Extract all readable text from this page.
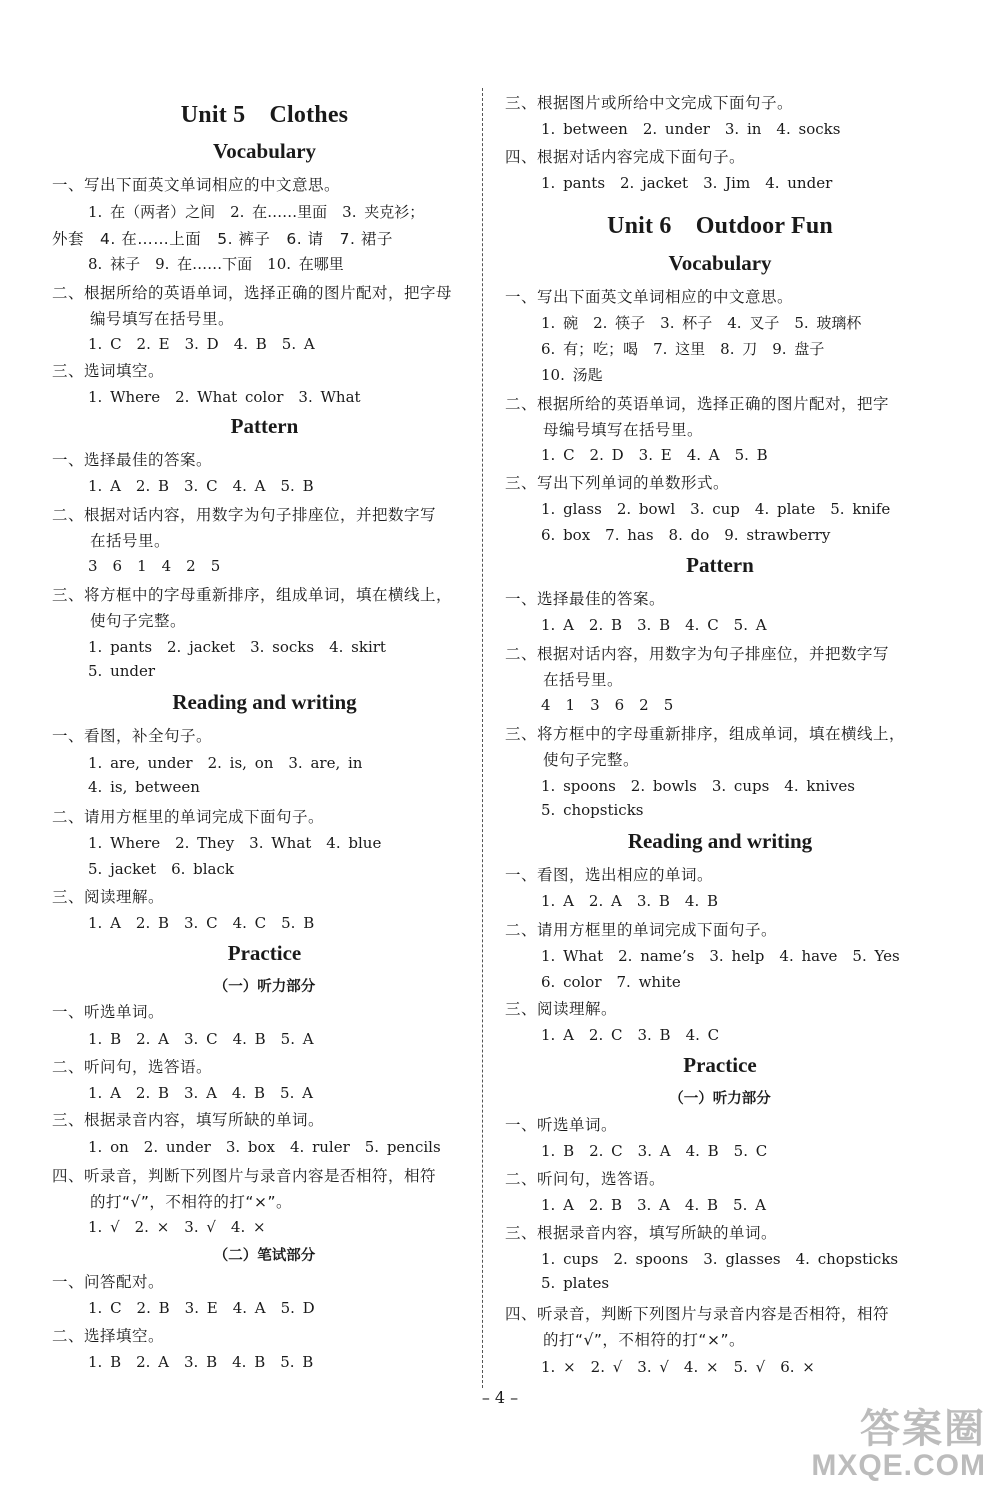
Unit 5　Clothes
Vocabulary
一、写出下面英文单词相应的中文意思。
1. 在（两者）之间　2. 在……里面　3. 夹克衫；
外套　4. 在……上面　5. 裤子　6. 请　7. 裙子
8. 袜子　9. 在……下面　10. 在哪里
二、根据所给的英语单词，选择正确的图片配对，把字母
编号填写在括号里。
1. C　2. E　3. D　4. B　5. A
三、选词填空。
1. Where　2. What color　3. What
Pattern
一、选择最佳的答案。
1. A　2. B　3. C　4. A　5. B
二、根据对话内容，用数字为句子排座位，并把数字写
在括号里。
3　6　1　4　2　5
三、将方框中的字母重新排序，组成单词，填在横线上，
使句子完整。
1. pants　2. jacket　3. socks　4. skirt
5. under
Reading and writing
一、看图，补全句子。
1. are, under　2. is, on　3. are, in
4. is, between
二、请用方框里的单词完成下面句子。
1. Where　2. They　3. What　4. blue
5. jacket　6. black
三、阅读理解。
1. A　2. B　3. C　4. C　5. B
Practice
（一）听力部分
一、听选单词。
1. B　2. A　3. C　4. B　5. A
二、听问句，选答语。
1. A　2. B　3. A　4. B　5. A
三、根据录音内容，填写所缺的单词。
1. on　2. under　3. box　4. ruler　5. pencils
四、听录音，判断下列图片与录音内容是否相符，相符
的打“√”，不相符的打“×”。
1. √　2. ×　3. √　4. ×
（二）笔试部分
一、问答配对。
1. C　2. B　3. E　4. A　5. D
二、选择填空。
1. B　2. A　3. B　4. B　5. B
三、根据图片或所给中文完成下面句子。
1. between　2. under　3. in　4. socks
四、根据对话内容完成下面句子。
1. pants　2. jacket　3. Jim　4. under
Unit 6　Outdoor Fun
Vocabulary
一、写出下面英文单词相应的中文意思。
1. 碗　2. 筷子　3. 杯子　4. 叉子　5. 玻璃杯
6. 有；吃；喝　7. 这里　8. 刀　9. 盘子
10. 汤匙
二、根据所给的英语单词，选择正确的图片配对，把字
母编号填写在括号里。
1. C　2. D　3. E　4. A　5. B
三、写出下列单词的单数形式。
1. glass　2. bowl　3. cup　4. plate　5. knife
6. box　7. has　8. do　9. strawberry
Pattern
一、选择最佳的答案。
1. A　2. B　3. B　4. C　5. A
二、根据对话内容，用数字为句子排座位，并把数字写
在括号里。
4　1　3　6　2　5
三、将方框中的字母重新排序，组成单词，填在横线上，
使句子完整。
1. spoons　2. bowls　3. cups　4. knives
5. chopsticks
Reading and writing
一、看图，选出相应的单词。
1. A　2. A　3. B　4. B
二、请用方框里的单词完成下面句子。
1. What　2. name’s　3. help　4. have　5. Yes
6. color　7. white
三、阅读理解。
1. A　2. C　3. B　4. C
Practice
（一）听力部分
一、听选单词。
1. B　2. C　3. A　4. B　5. C
二、听问句，选答语。
1. A　2. B　3. A　4. B　5. A
三、根据录音内容，填写所缺的单词。
1. cups　2. spoons　3. glasses　4. chopsticks
5. plates
四、听录音，判断下列图片与录音内容是否相符，相符
的打“√”，不相符的打“×”。
1. ×　2. √　3. √　4. ×　5. √　6. ×
– 4 –
答案圈
MXQE.COM
